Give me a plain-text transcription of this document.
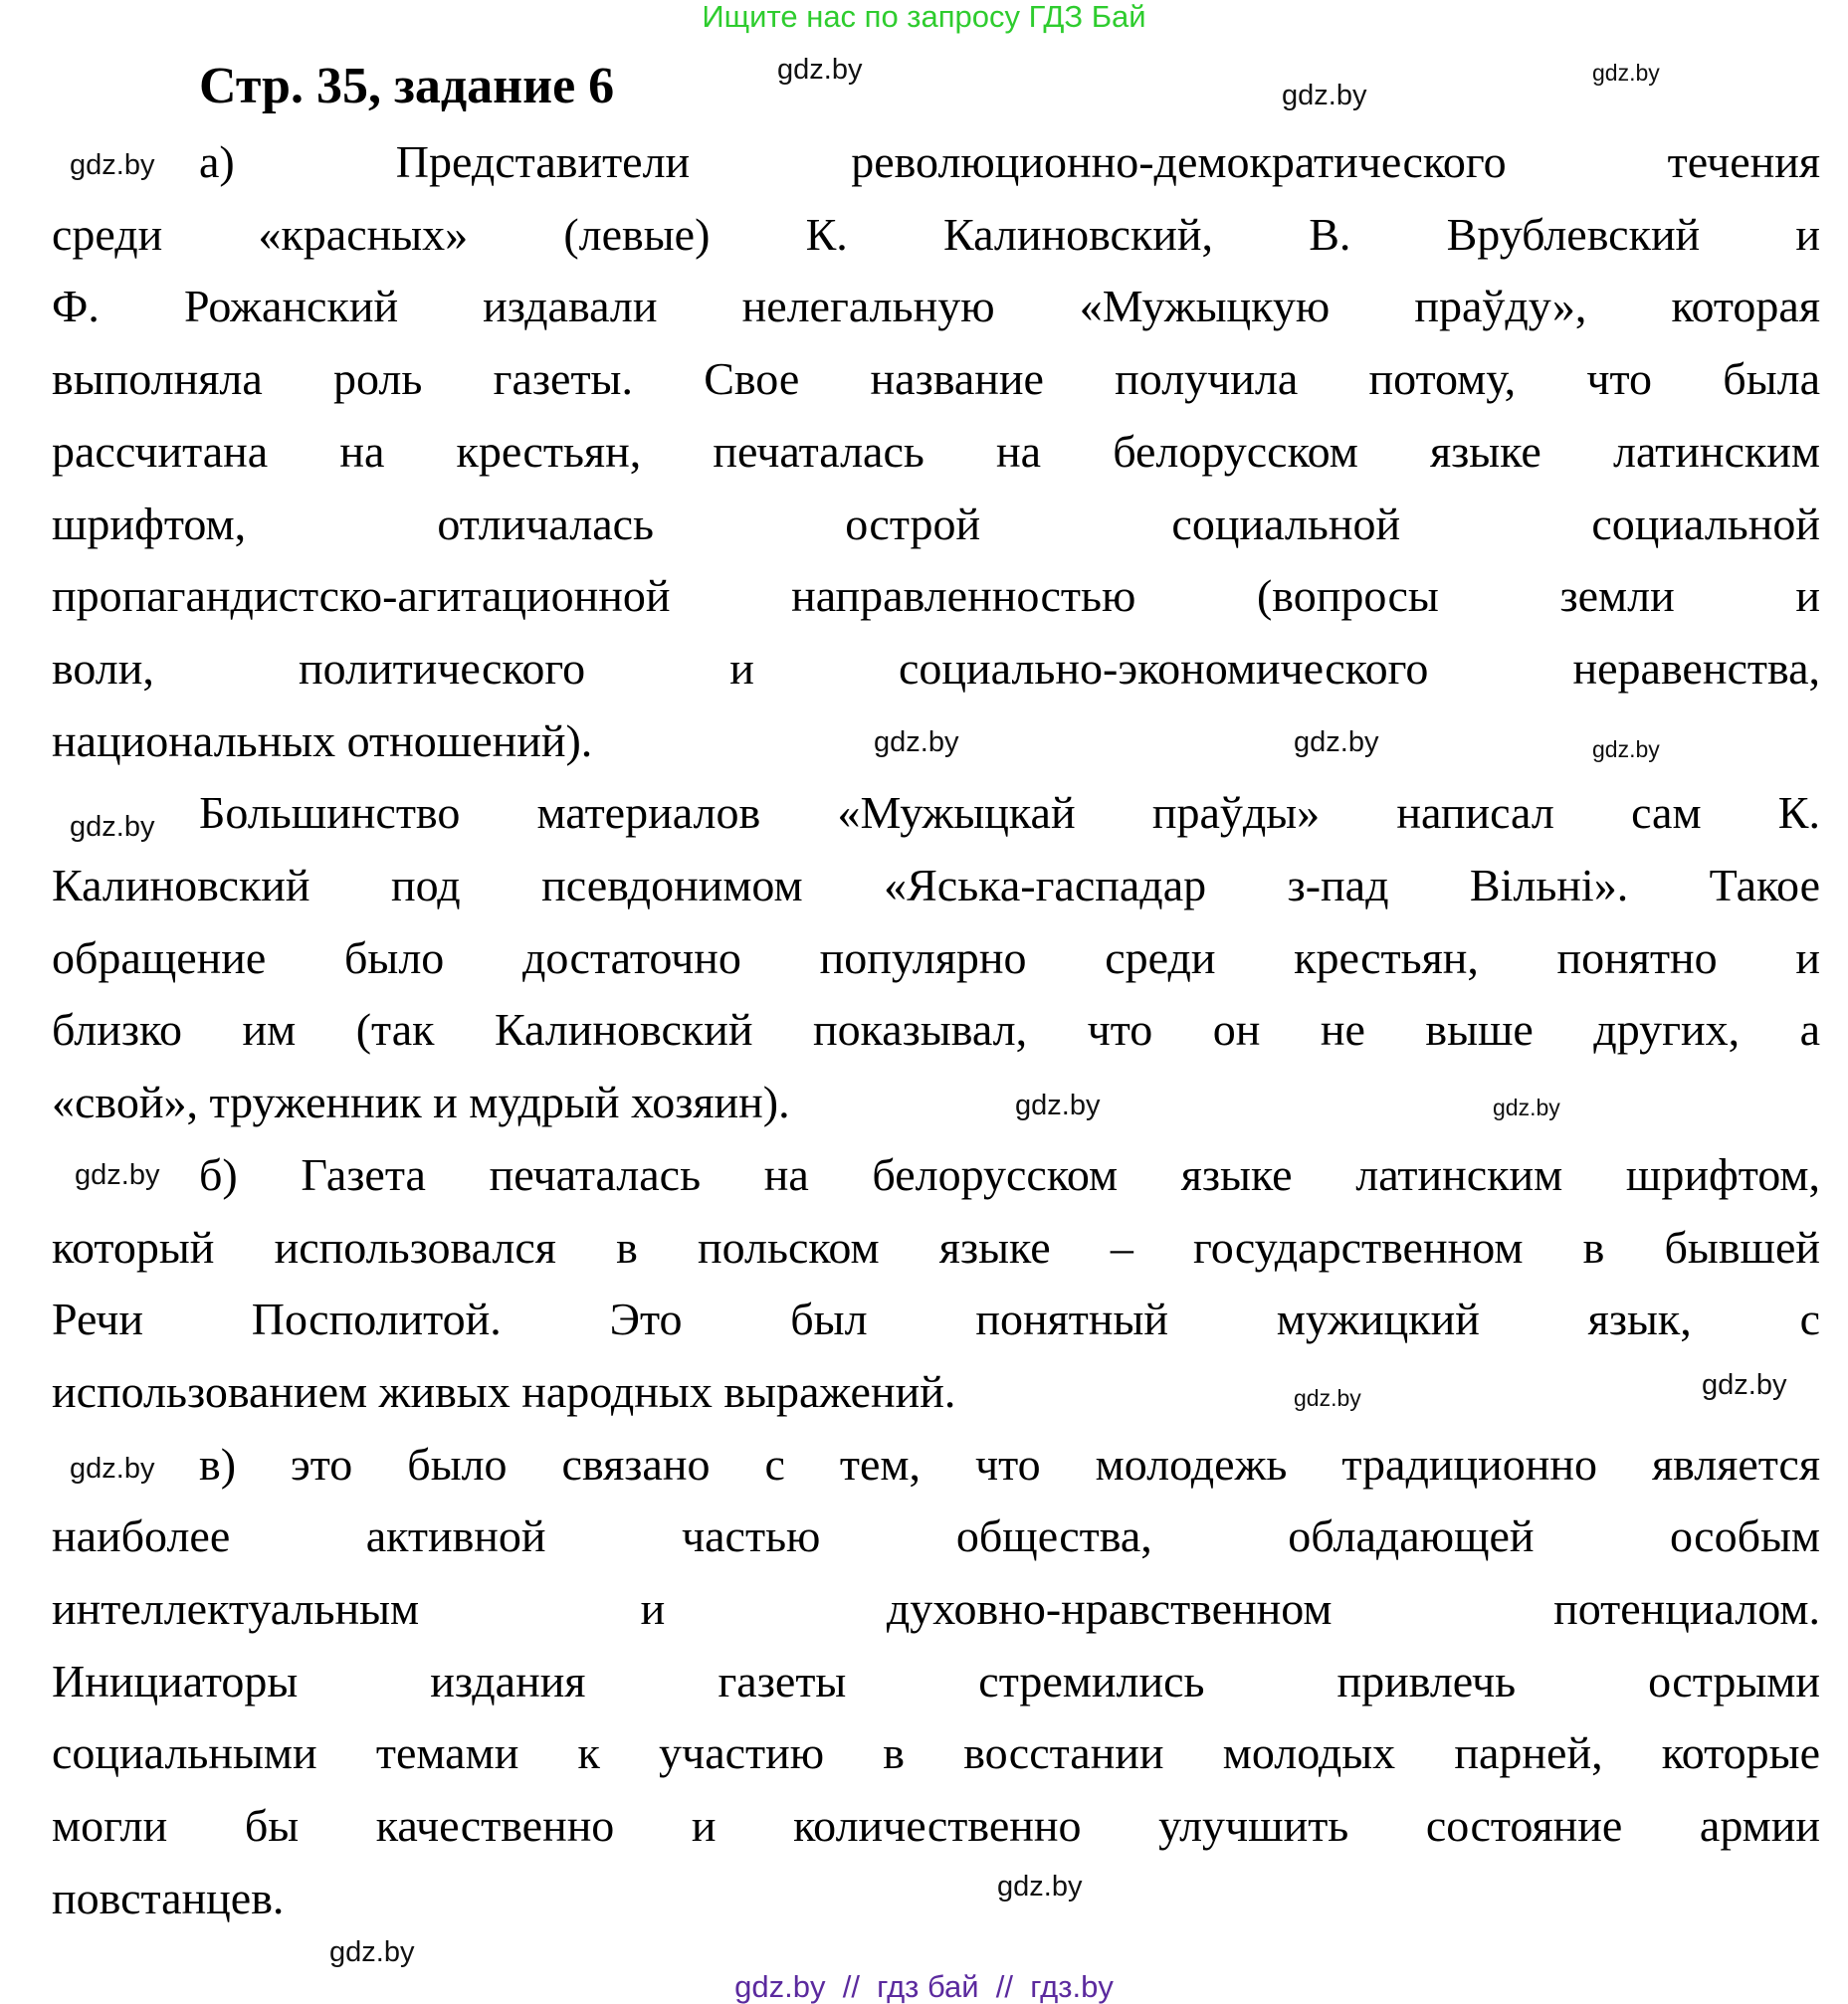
Ищите нас по запросу ГДЗ Бай
Стр. 35, задание 6
а) Представители революционно-демократического течения
среди «красных» (левые) К. Калиновский, В. Врублевский и
Ф. Рожанский издавали нелегальную «Мужыцкую праўду», которая
выполняла роль газеты. Свое название получила потому, что была
рассчитана на крестьян, печаталась на белорусском языке латинским
шрифтом, отличалась острой социальной социальной
пропагандистско-агитационной направленностью (вопросы земли и
воли, политического и социально-экономического неравенства,
национальных отношений).
Большинство материалов «Мужыцкай праўды» написал сам К.
Калиновский под псевдонимом «Яська-гаспадар з-пад Вільні». Такое
обращение было достаточно популярно среди крестьян, понятно и
близко им (так Калиновский показывал, что он не выше других, а
«свой», труженник и мудрый хозяин).
б) Газета печаталась на белорусском языке латинским шрифтом,
который использовался в польском языке – государственном в бывшей
Речи Посполитой. Это был понятный мужицкий язык, с
использованием живых народных выражений.
в) это было связано с тем, что молодежь традиционно является
наиболее активной частью общества, обладающей особым
интеллектуальным и духовно-нравственном потенциалом.
Инициаторы издания газеты стремились привлечь острыми
социальными темами к участию в восстании молодых парней, которые
могли бы качественно и количественно улучшить состояние армии
повстанцев.
gdz.by
gdz.by
gdz.by
gdz.by
gdz.by	gdz.by	gdz.by
gdz.by
gdz.by	gdz.by
gdz.by
gdz.by	gdz.by
gdz.by
gdz.by
gdz.by
gdz.by  //  гдз бай  //  гдз.by
